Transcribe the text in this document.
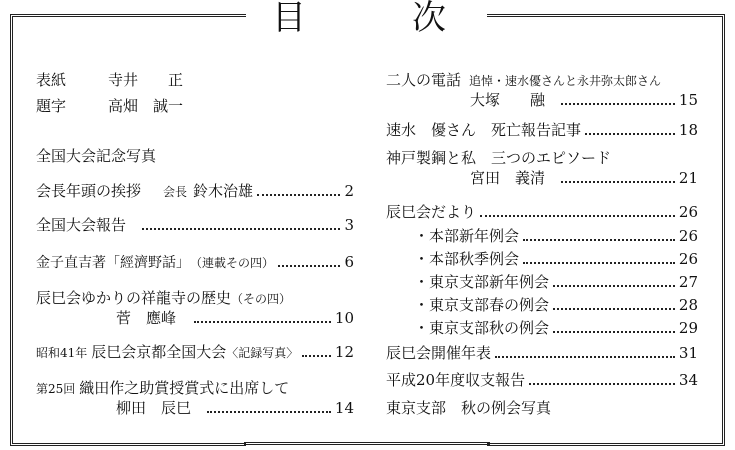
目	次
表紙	寺井　　正
題字	高畑　誠一
全国大会記念写真
会長年頭の挨拶 会長 鈴木治雄	2
全国大会報告	3
金子直吉著「經濟野話」 （連載その四）	6
辰巳会ゆかりの祥龍寺の歴史 （その四）
菅　應峰	10
昭和41年 辰巳会京都全国大会 〈記録写真〉 12
第25回 織田作之助賞授賞式に出席して
柳田　辰巳	14
二人の電話 追悼・速水優さんと永井弥太郎さん
大塚　　融	15
速水　優さん　死亡報告記事	18
神戸製鋼と私　三つのエピソード
宮田　義清	21
辰巳会だより	26
・本部新年例会	26
・本部秋季例会	26
・東京支部新年例会	27
・東京支部春の例会	28
・東京支部秋の例会	29
辰巳会開催年表	31
平成20年度収支報告	34
東京支部　秋の例会写真
